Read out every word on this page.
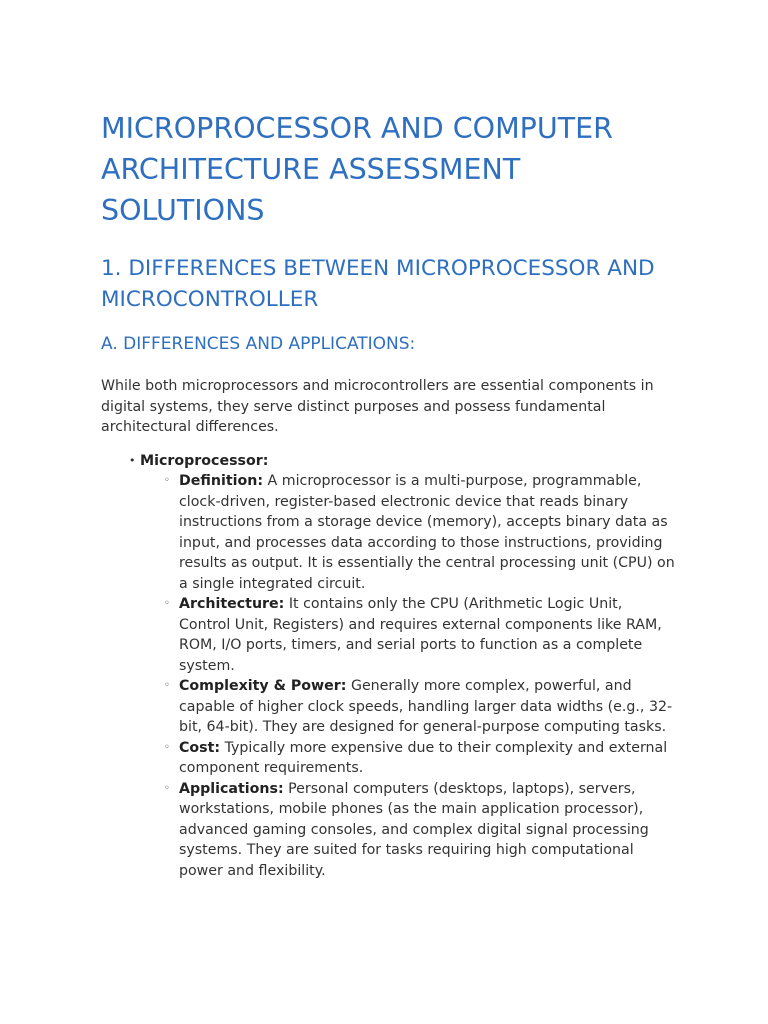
MICROPROCESSOR AND COMPUTER ARCHITECTURE ASSESSMENT SOLUTIONS
1. DIFFERENCES BETWEEN MICROPROCESSOR AND MICROCONTROLLER
A. DIFFERENCES AND APPLICATIONS:

While both microprocessors and microcontrollers are essential components in digital systems, they serve distinct purposes and possess fundamental architectural differences.

• Microprocessor:
◦ Definition: A microprocessor is a multi-purpose, programmable, clock-driven, register-based electronic device that reads binary instructions from a storage device (memory), accepts binary data as input, and processes data according to those instructions, providing results as output. It is essentially the central processing unit (CPU) on a single integrated circuit.
◦ Architecture: It contains only the CPU (Arithmetic Logic Unit, Control Unit, Registers) and requires external components like RAM, ROM, I/O ports, timers, and serial ports to function as a complete system.
◦ Complexity & Power: Generally more complex, powerful, and capable of higher clock speeds, handling larger data widths (e.g., 32-bit, 64-bit). They are designed for general-purpose computing tasks.
◦ Cost: Typically more expensive due to their complexity and external component requirements.
◦ Applications: Personal computers (desktops, laptops), servers, workstations, mobile phones (as the main application processor), advanced gaming consoles, and complex digital signal processing systems. They are suited for tasks requiring high computational power and flexibility.
